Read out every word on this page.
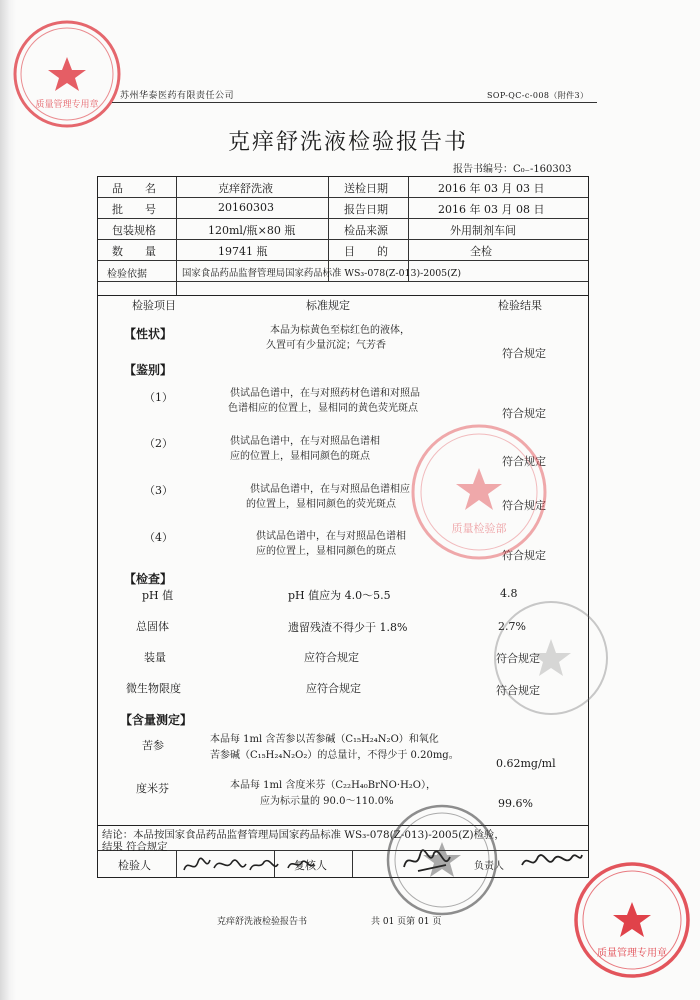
质量管理专用章
苏州华泰医药有限责任公司	SOP-QC-c-008（附件3）
克痒舒洗液检验报告书
报告书编号：C₀₋-160303
品　　名	克痒舒洗液	送检日期	2016 年 03 月 03 日
批　　号	20160303	报告日期	2016 年 03 月 08 日
包装规格	120ml/瓶×80 瓶	检品来源	外用制剂车间
数　　量	19741 瓶	目　　的	全检
检验依据	国家食品药品监督管理局国家药品标准 WS₃-078(Z-013)-2005(Z)
检验项目	标准规定	检验结果
【性状】	本品为棕黄色至棕红色的液体，
久置可有少量沉淀；气芳香
符合规定
【鉴别】
（1）	供试品色谱中，在与对照药材色谱和对照品
色谱相应的位置上，显相同的黄色荧光斑点	符合规定
（2）	供试品色谱中，在与对照品色谱相
应的位置上，显相同颜色的斑点	符合规定
（3）	供试品色谱中，在与对照品色谱相应
的位置上，显相同颜色的荧光斑点	符合规定
（4）	供试品色谱中，在与对照品色谱相
应的位置上，显相同颜色的斑点	符合规定
【检查】
pH 值	pH 值应为 4.0～5.5	4.8
总固体	遗留残渣不得少于 1.8%	2.7%
装量	应符合规定	符合规定
微生物限度	应符合规定	符合规定
【含量测定】
苦参	本品每 1ml 含苦参以苦参碱（C₁₅H₂₄N₂O）和氧化
苦参碱（C₁₅H₂₄N₂O₂）的总量计，不得少于 0.20mg。
0.62mg/ml
度米芬	本品每 1ml 含度米芬（C₂₂H₄₀BrNO·H₂O），
应为标示量的 90.0～110.0%	99.6%
结论：本品按国家食品药品监督管理局国家药品标准 WS₃-078(Z-013)-2005(Z)检验，
结果 符合规定
检验人	复核人	负责人
质量检验部
克痒舒洗液检验报告书	共 01 页第 01 页
质量管理专用章
